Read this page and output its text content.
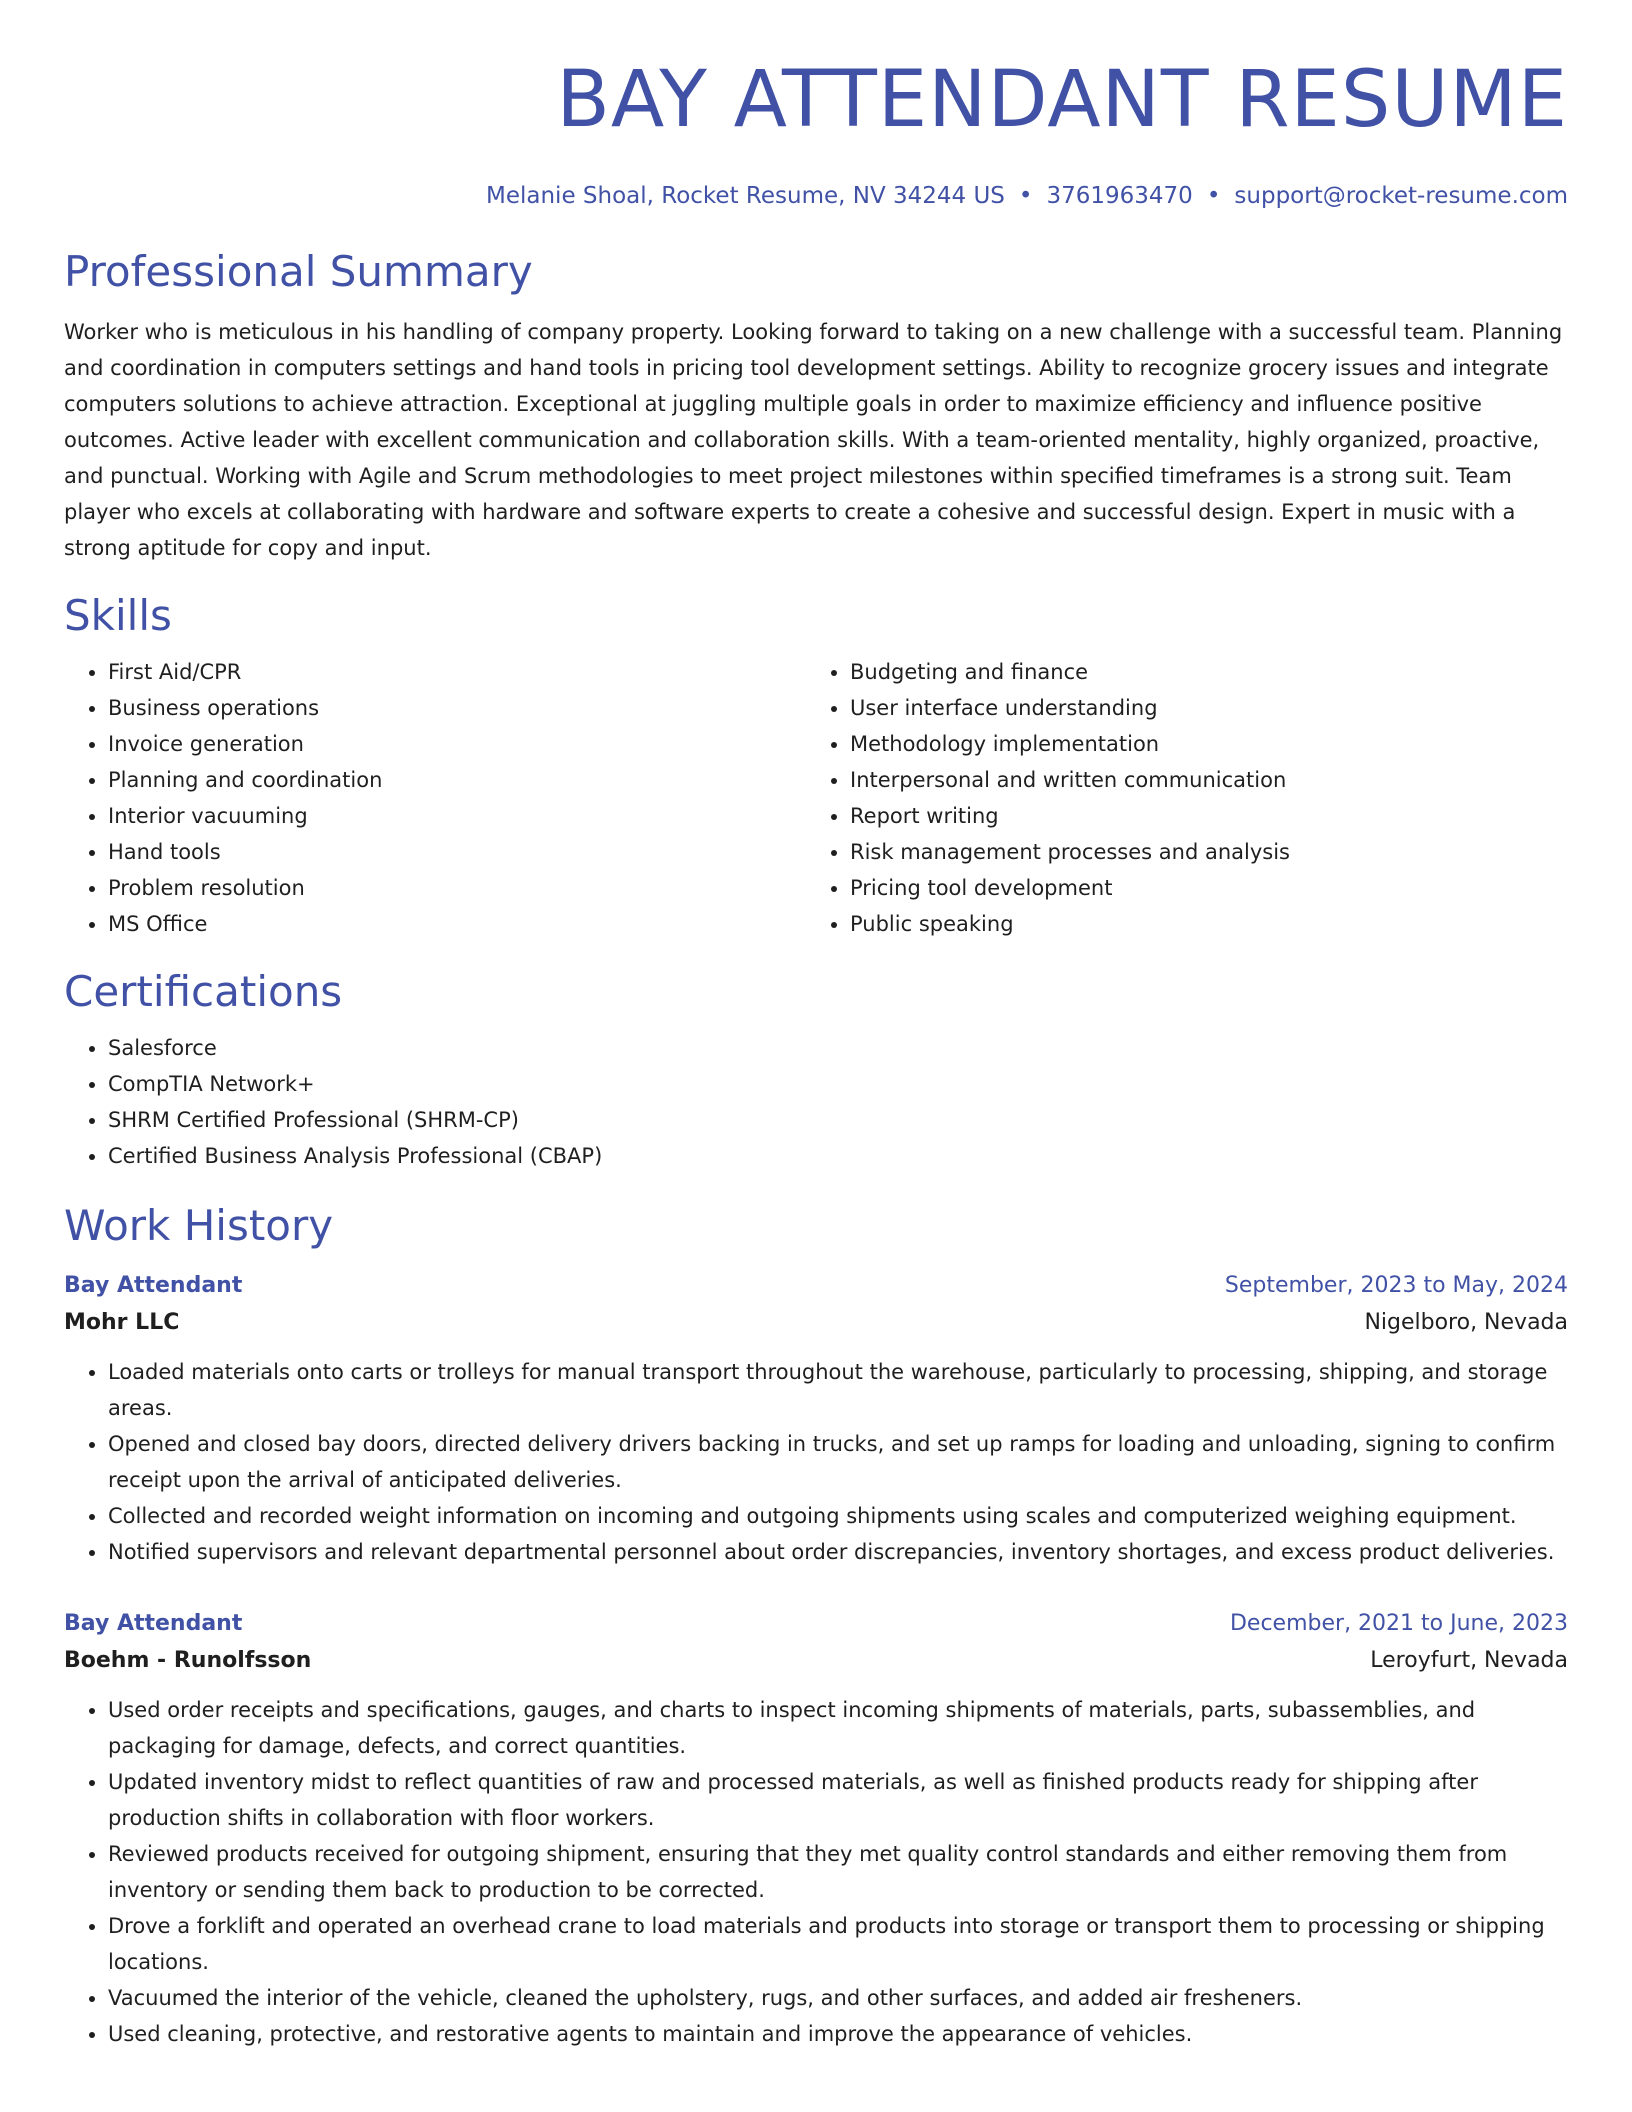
BAY ATTENDANT RESUME
Melanie Shoal, Rocket Resume, NV 34244 US • 3761963470 • support@rocket-resume.com
Professional Summary

Worker who is meticulous in his handling of company property. Looking forward to taking on a new challenge with a successful team. Planning and coordination in computers settings and hand tools in pricing tool development settings. Ability to recognize grocery issues and integrate computers solutions to achieve attraction. Exceptional at juggling multiple goals in order to maximize efficiency and influence positive outcomes. Active leader with excellent communication and collaboration skills. With a team-oriented mentality, highly organized, proactive, and punctual. Working with Agile and Scrum methodologies to meet project milestones within specified timeframes is a strong suit. Team player who excels at collaborating with hardware and software experts to create a cohesive and successful design. Expert in music with a strong aptitude for copy and input.

Skills
• First Aid/CPR
• Business operations
• Invoice generation
• Planning and coordination
• Interior vacuuming
• Hand tools
• Problem resolution
• MS Office
• Budgeting and finance
• User interface understanding
• Methodology implementation
• Interpersonal and written communication
• Report writing
• Risk management processes and analysis
• Pricing tool development
• Public speaking
Certifications
• Salesforce
• CompTIA Network+
• SHRM Certified Professional (SHRM-CP)
• Certified Business Analysis Professional (CBAP)
Work History
Bay Attendant	September, 2023 to May, 2024
Mohr LLC	Nigelboro, Nevada
• Loaded materials onto carts or trolleys for manual transport throughout the warehouse, particularly to processing, shipping, and storage areas.
• Opened and closed bay doors, directed delivery drivers backing in trucks, and set up ramps for loading and unloading, signing to confirm receipt upon the arrival of anticipated deliveries.
• Collected and recorded weight information on incoming and outgoing shipments using scales and computerized weighing equipment.
• Notified supervisors and relevant departmental personnel about order discrepancies, inventory shortages, and excess product deliveries.
Bay Attendant	December, 2021 to June, 2023
Boehm - Runolfsson	Leroyfurt, Nevada
• Used order receipts and specifications, gauges, and charts to inspect incoming shipments of materials, parts, subassemblies, and packaging for damage, defects, and correct quantities.
• Updated inventory midst to reflect quantities of raw and processed materials, as well as finished products ready for shipping after production shifts in collaboration with floor workers.
• Reviewed products received for outgoing shipment, ensuring that they met quality control standards and either removing them from inventory or sending them back to production to be corrected.
• Drove a forklift and operated an overhead crane to load materials and products into storage or transport them to processing or shipping locations.
• Vacuumed the interior of the vehicle, cleaned the upholstery, rugs, and other surfaces, and added air fresheners.
• Used cleaning, protective, and restorative agents to maintain and improve the appearance of vehicles.
